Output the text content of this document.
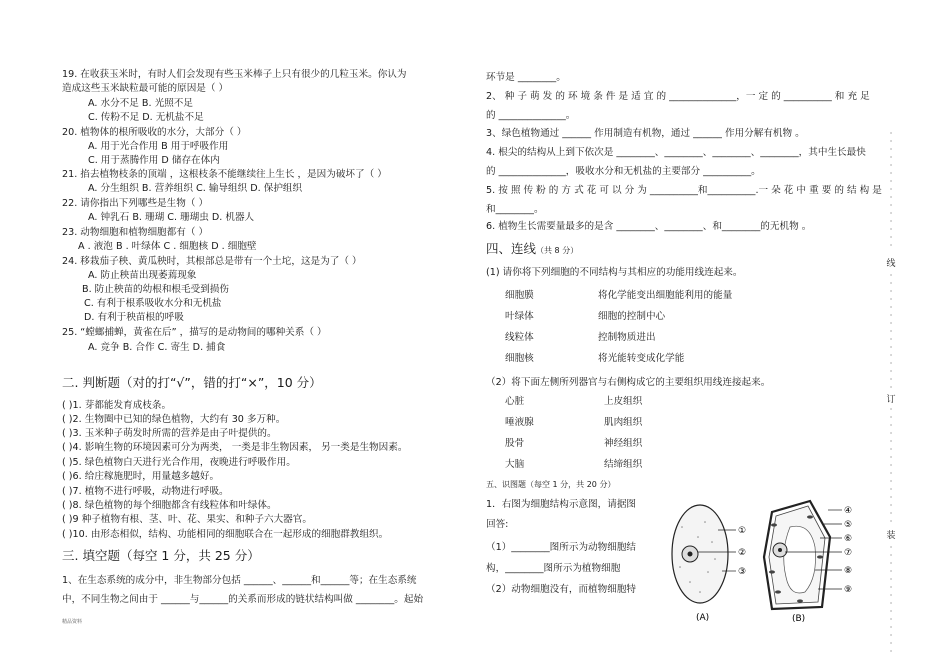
19. 在收获玉米时，有时人们会发现有些玉米棒子上只有很少的几粒玉米。你认为
造成这些玉米缺粒最可能的原因是（ ）
A. 水分不足 B. 光照不足
C. 传粉不足 D. 无机盐不足
20. 植物体的根所吸收的水分，大部分（ ）
A. 用于光合作用 B 用于呼吸作用
C. 用于蒸腾作用 D 储存在体内
21. 掐去植物枝条的顶端 ，这根枝条不能继续往上生长 ，是因为破坏了（ ）
A. 分生组织 B. 营养组织 C. 输导组织 D. 保护组织
22. 请你指出下列哪些是生物（ ）
A. 钟乳石 B. 珊瑚 C. 珊瑚虫 D. 机器人
23. 动物细胞和植物细胞都有（ ）
A . 液泡 B . 叶绿体 C . 细胞核 D . 细胞壁
24. 移栽茄子秧、黄瓜秧时，其根部总是带有一个土坨，这是为了（ ）
A. 防止秧苗出现萎蔫现象
B. 防止秧苗的幼根和根毛受到损伤
C. 有利于根系吸收水分和无机盐
D. 有利于秧苗根的呼吸
25. “螳螂捕蝉，黄雀在后” ，描写的是动物间的哪种关系（ ）
A. 竞争 B. 合作 C. 寄生 D. 捕食
二. 判断题（对的打“√”，错的打“×”，10 分）
( )1. 芽都能发育成枝条。
( )2. 生物圈中已知的绿色植物，大约有 30 多万种。
( )3. 玉米种子萌发时所需的营养是由子叶提供的。
( )4. 影响生物的环境因素可分为两类， 一类是非生物因素， 另一类是生物因素。
( )5. 绿色植物白天进行光合作用，夜晚进行呼吸作用。
( )6. 给庄稼施肥时，用量越多越好。
( )7. 植物不进行呼吸，动物进行呼吸。
( )8. 绿色植物的每个细胞都含有线粒体和叶绿体。
( )9 种子植物有根、茎、叶、花、果实、和种子六大器官。
( )10. 由形态相似，结构、功能相同的细胞联合在一起形成的细胞群教组织。
三. 填空题（每空 1 分，共 25 分）
1、在生态系统的成分中，非生物部分包括 ______、______和______等；在生态系统
中，不同生物之间由于 ______与______的关系而形成的链状结构叫做 ________。起始
精品资料
环节是 ________。
2、 种 子 萌 发 的 环 境 条 件 是 适 宜 的 ______________，一 定 的 __________ 和 充 足
的 ______________。
3、绿色植物通过 ______ 作用制造有机物，通过 ______ 作用分解有机物 。
4. 根尖的结构从上到下依次是 ________、________、________、________，其中生长最快
的 ______________，吸收水分和无机盐的主要部分 __________。
5. 按 照 传 粉 的 方 式 花 可 以 分 为 __________和__________.一 朵 花 中 重 要 的 结 构 是
和________。
6. 植物生长需要量最多的是含 ________、________、和________的无机物 。
四、连线（共 8 分）
(1) 请你将下列细胞的不同结构与其相应的功能用线连起来。
细胞膜	将化学能变出细胞能利用的能量
叶绿体	细胞的控制中心
线粒体	控制物质进出
细胞核	将光能转变成化学能
（2）将下面左侧所列器官与右侧构成它的主要组织用线连接起来。
心脏	上皮组织
唾液腺	肌肉组织
股骨	神经组织
大脑	结缔组织
五、识图题（每空 1 分，共 20 分）
1．右图为细胞结构示意图，请据图
回答:
（1）________图所示为动物细胞结
构，________图所示为植物细胞
（2）动物细胞没有，而植物细胞特
①
②
③
(A)
④
⑤
⑥
⑦
⑧
⑨
(B)
·
·
·
·
·
·
·
·
·
·
·
·
·
·
·
·
·
·
·
·
·
·
·
·
·
·
·
·
·
·
·
·
·
·
·
·
·
·
·
·
·
·
·
·
·
·
·
·
·
·
·
·
·
·
·
·
·
·
·
线
订
装
